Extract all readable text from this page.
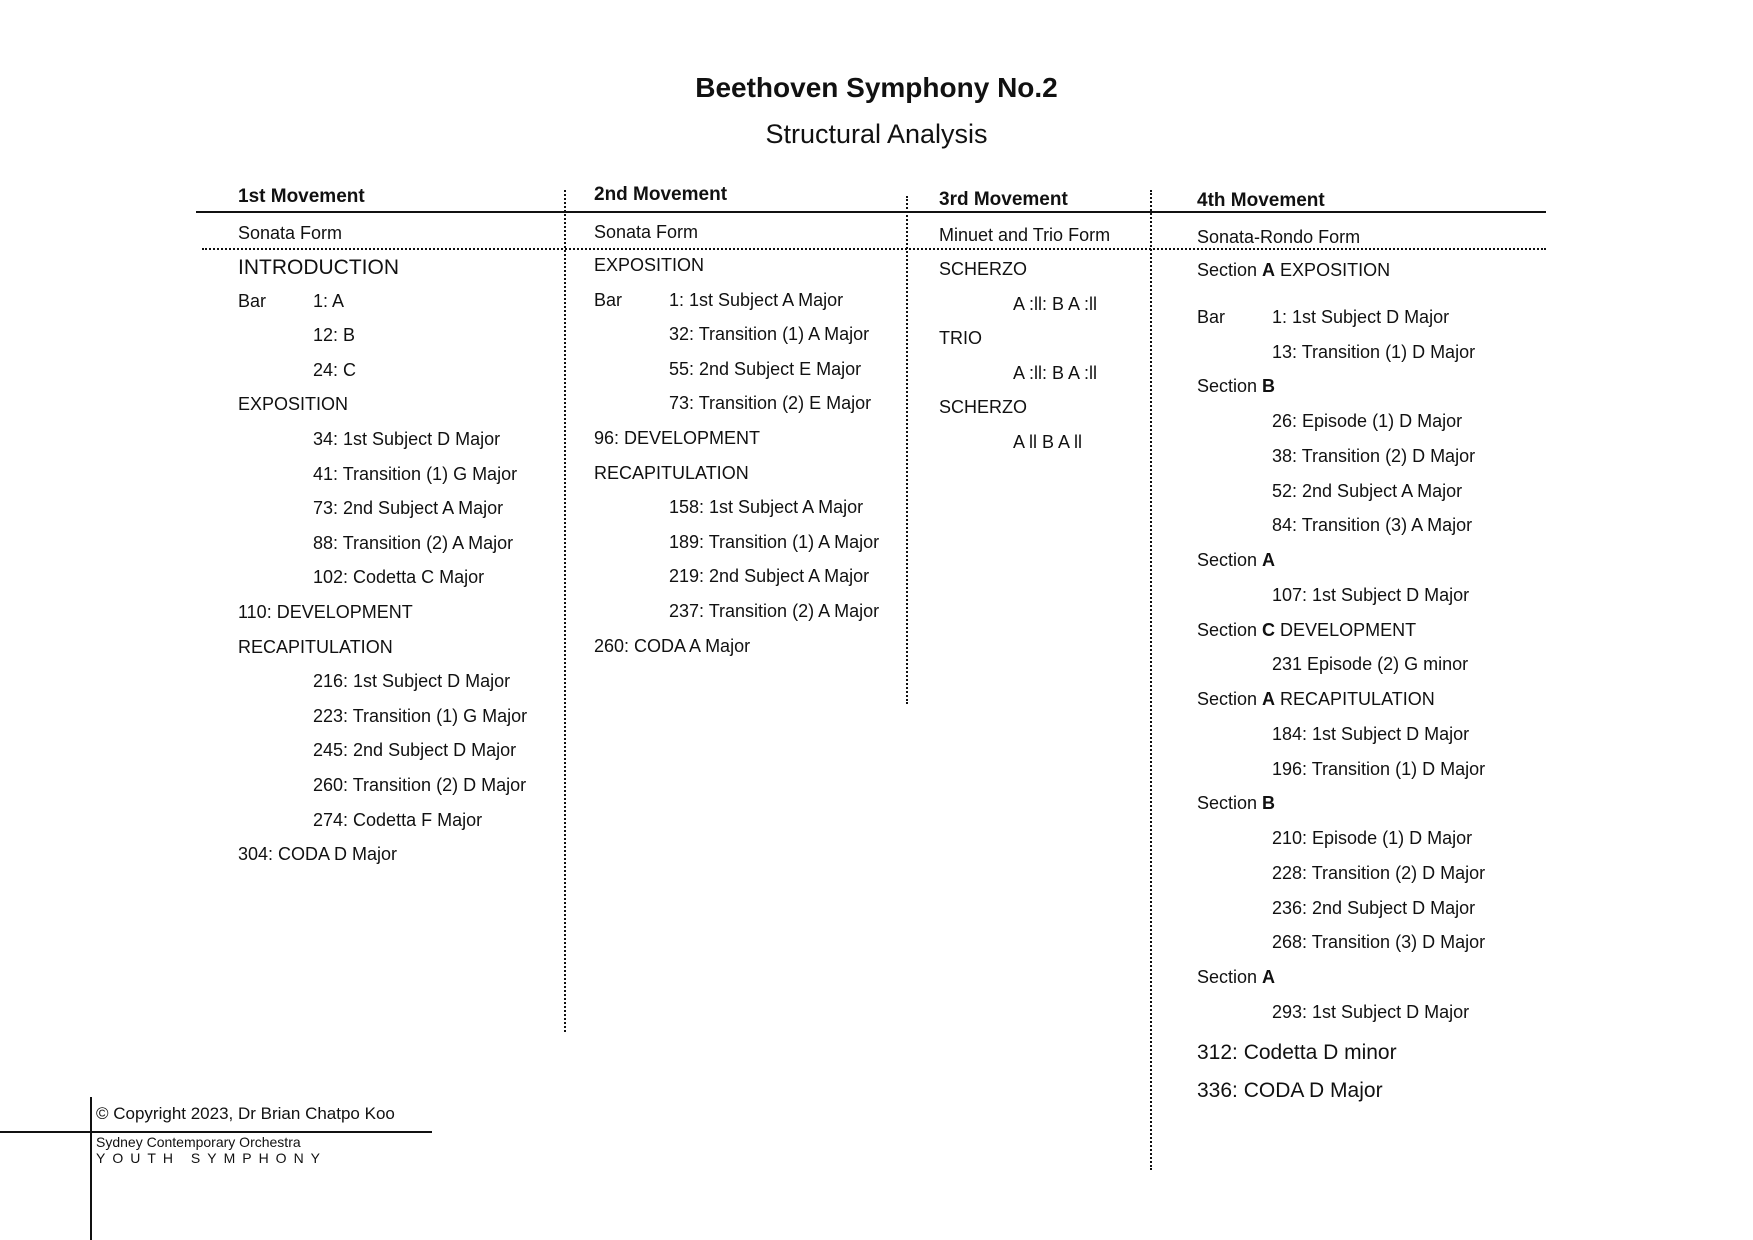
Beethoven Symphony No.2
Structural Analysis
1st Movement
Sonata Form
INTRODUCTION
Bar	1: A
12: B
24: C
EXPOSITION
34: 1st Subject D Major
41: Transition (1) G Major
73: 2nd Subject A Major
88: Transition (2) A Major
102: Codetta C Major
110: DEVELOPMENT
RECAPITULATION
216: 1st Subject D Major
223: Transition (1) G Major
245: 2nd Subject D Major
260: Transition (2) D Major
274: Codetta F Major
304: CODA D Major
2nd Movement
Sonata Form
EXPOSITION
Bar	1: 1st Subject A Major
32: Transition (1) A Major
55: 2nd Subject E Major
73: Transition (2) E Major
96: DEVELOPMENT
RECAPITULATION
158: 1st Subject A Major
189: Transition (1) A Major
219: 2nd Subject A Major
237: Transition (2) A Major
260: CODA A Major
3rd Movement
Minuet and Trio Form
SCHERZO
A :ll: B A :ll
TRIO
A :ll: B A :ll
SCHERZO
A ll B A ll
4th Movement
Sonata-Rondo Form
Section A EXPOSITION
Bar	1: 1st Subject D Major
13: Transition (1) D Major
Section B
26: Episode (1) D Major
38: Transition (2) D Major
52: 2nd Subject A Major
84: Transition (3) A Major
Section A
107: 1st Subject D Major
Section C DEVELOPMENT
231 Episode (2) G minor
Section A RECAPITULATION
184: 1st Subject D Major
196: Transition (1) D Major
Section B
210: Episode (1) D Major
228: Transition (2) D Major
236: 2nd Subject D Major
268: Transition (3) D Major
Section A
293: 1st Subject D Major
312: Codetta D minor
336: CODA D Major
© Copyright 2023, Dr Brian Chatpo Koo
Sydney Contemporary Orchestra
YOUTH SYMPHONY
